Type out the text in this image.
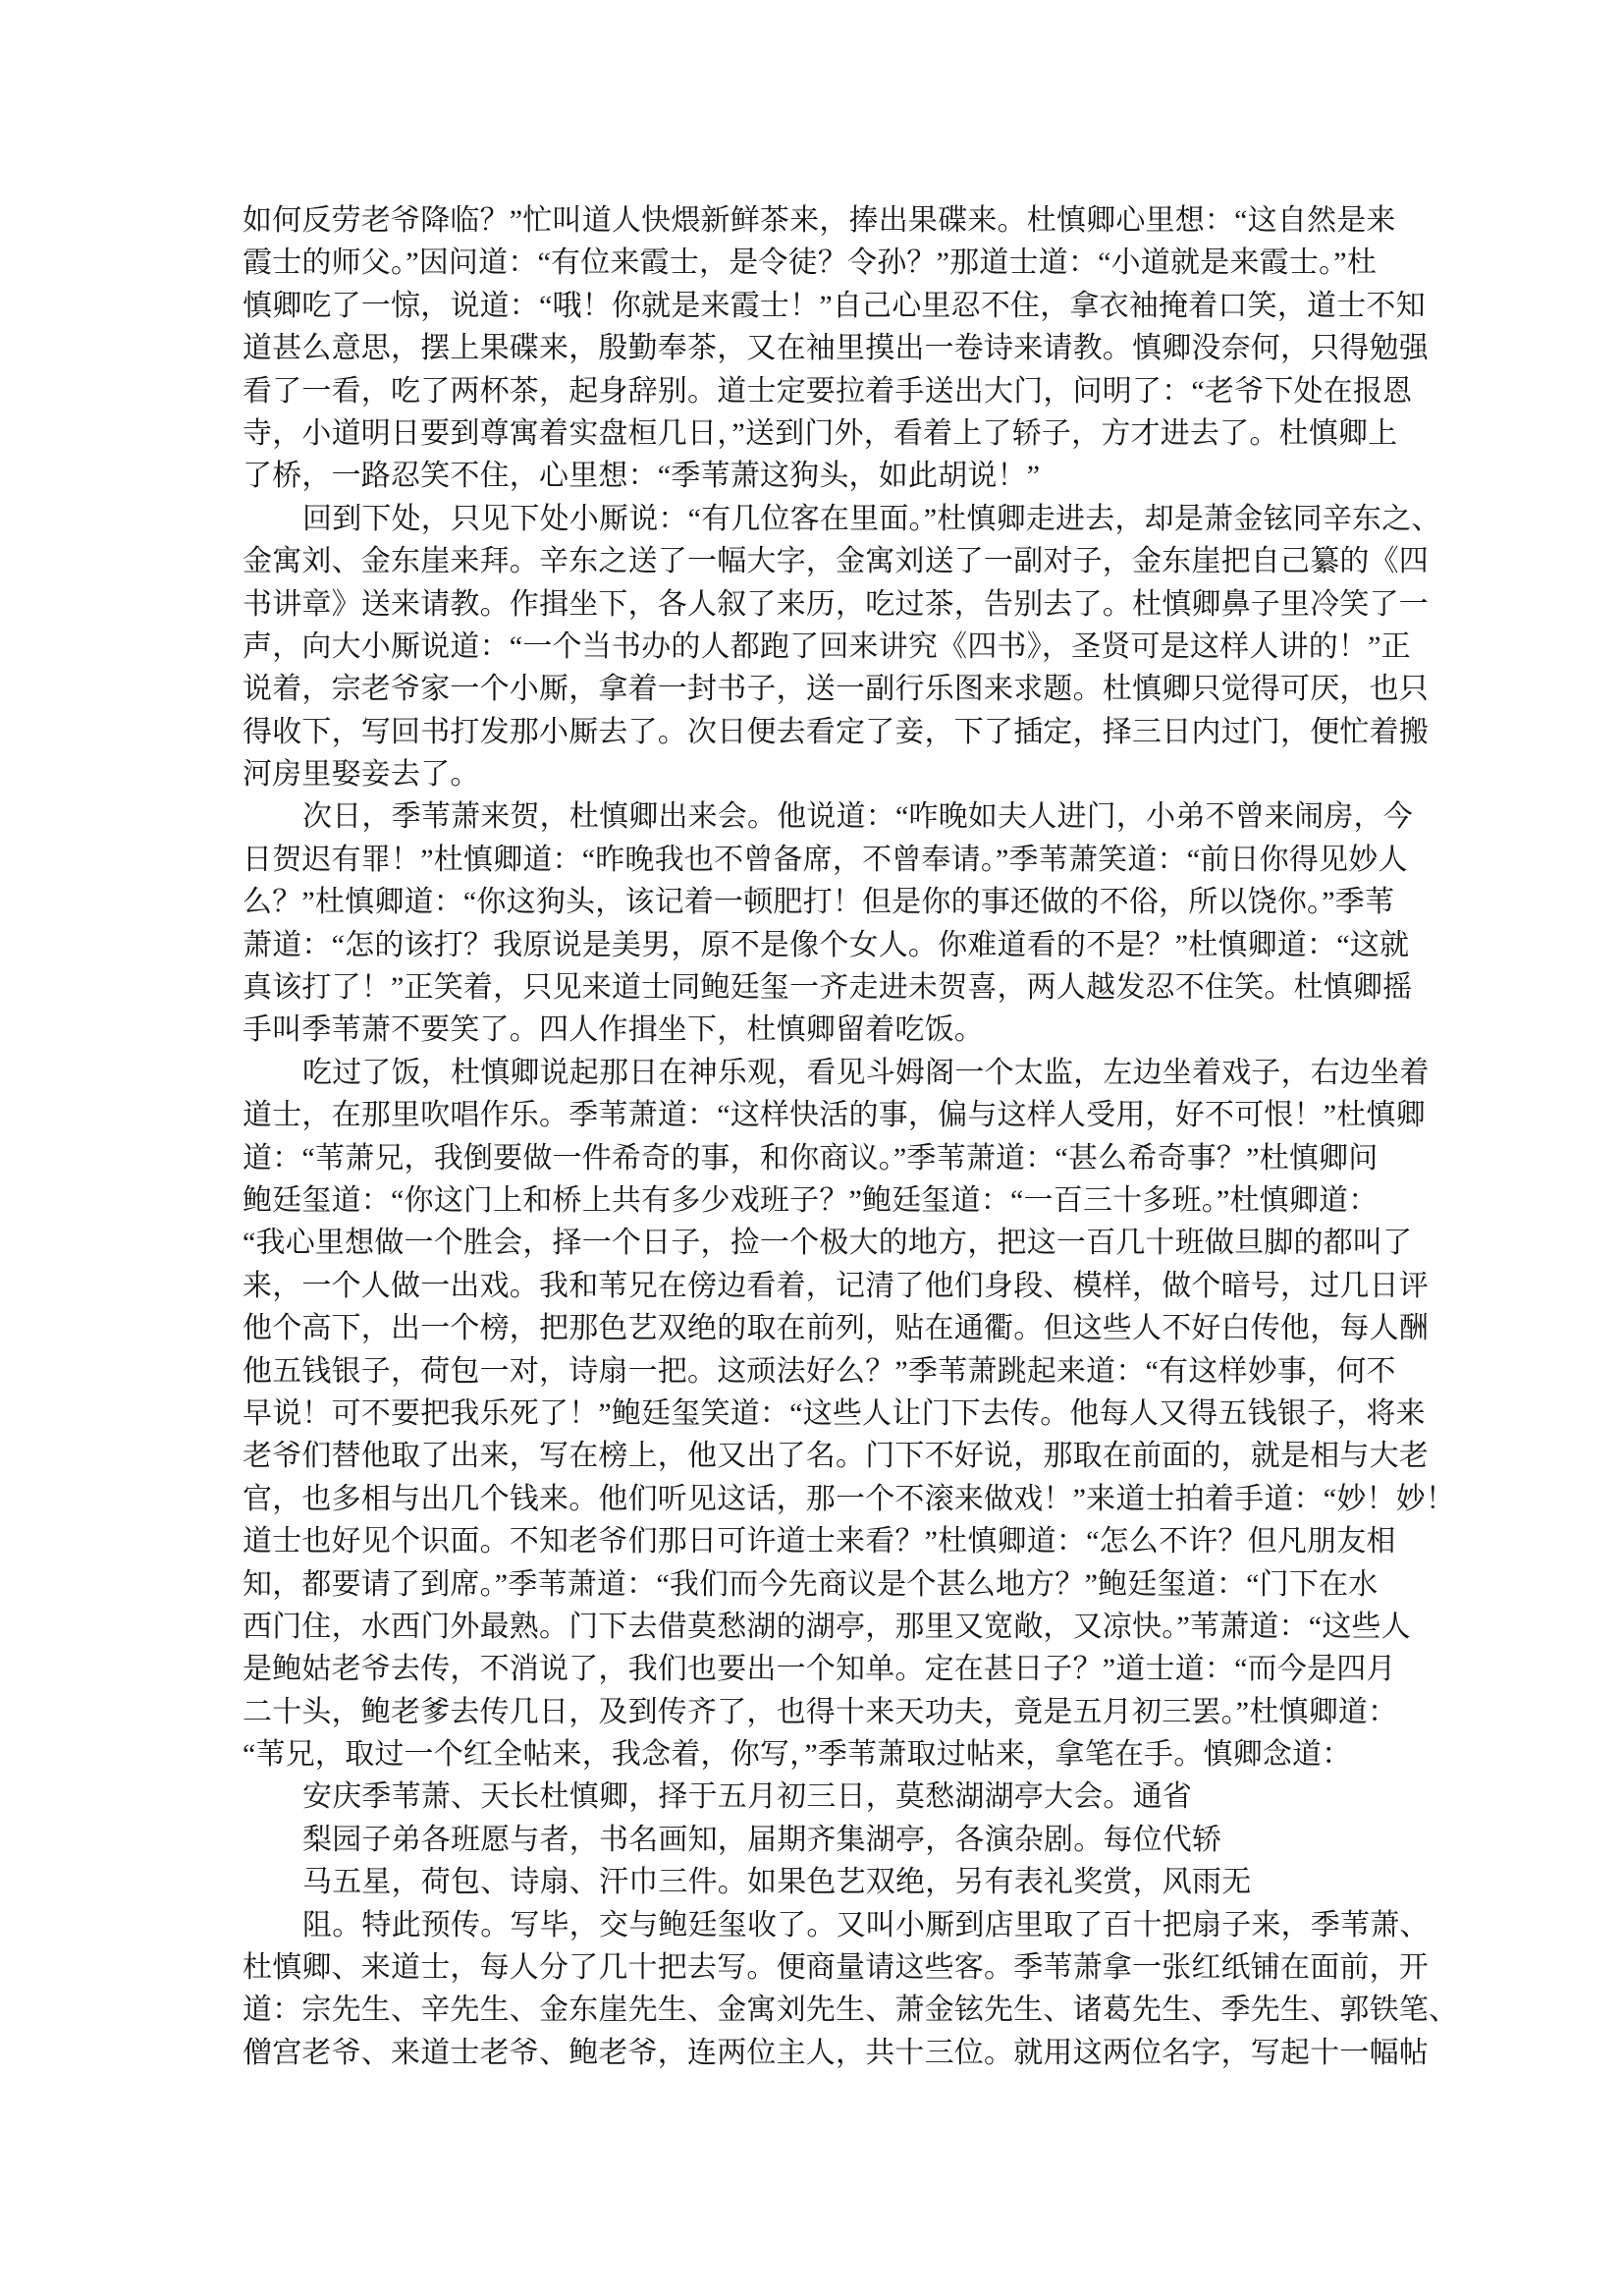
如何反劳老爷降临？”忙叫道人快煨新鲜茶来，捧出果碟来。杜慎卿心里想：“这自然是来
霞士的师父。”因问道：“有位来霞士，是令徒？令孙？”那道士道：“小道就是来霞士。”杜
慎卿吃了一惊，说道：“哦！你就是来霞士！”自己心里忍不住，拿衣袖掩着口笑，道士不知
道甚么意思，摆上果碟来，殷勤奉茶，又在袖里摸出一卷诗来请教。慎卿没奈何，只得勉强
看了一看，吃了两杯茶，起身辞别。道士定要拉着手送出大门，问明了：“老爷下处在报恩
寺，小道明日要到尊寓着实盘桓几日，”送到门外，看着上了轿子，方才进去了。杜慎卿上
了桥，一路忍笑不住，心里想：“季苇萧这狗头，如此胡说！”
回到下处，只见下处小厮说：“有几位客在里面。”杜慎卿走进去，却是萧金铉同辛东之、
金寓刘、金东崖来拜。辛东之送了一幅大字，金寓刘送了一副对子，金东崖把自己纂的《四
书讲章》送来请教。作揖坐下，各人叙了来历，吃过茶，告别去了。杜慎卿鼻子里冷笑了一
声，向大小厮说道：“一个当书办的人都跑了回来讲究《四书》，圣贤可是这样人讲的！”正
说着，宗老爷家一个小厮，拿着一封书子，送一副行乐图来求题。杜慎卿只觉得可厌，也只
得收下，写回书打发那小厮去了。次日便去看定了妾，下了插定，择三日内过门，便忙着搬
河房里娶妾去了。
次日，季苇萧来贺，杜慎卿出来会。他说道：“咋晚如夫人进门，小弟不曾来闹房，今
日贺迟有罪！”杜慎卿道：“昨晚我也不曾备席，不曾奉请。”季苇萧笑道：“前日你得见妙人
么？”杜慎卿道：“你这狗头，该记着一顿肥打！但是你的事还做的不俗，所以饶你。”季苇
萧道：“怎的该打？我原说是美男，原不是像个女人。你难道看的不是？”杜慎卿道：“这就
真该打了！”正笑着，只见来道士同鲍廷玺一齐走进未贺喜，两人越发忍不住笑。杜慎卿摇
手叫季苇萧不要笑了。四人作揖坐下，杜慎卿留着吃饭。
吃过了饭，杜慎卿说起那日在神乐观，看见斗姆阁一个太监，左边坐着戏子，右边坐着
道士，在那里吹唱作乐。季苇萧道：“这样快活的事，偏与这样人受用，好不可恨！”杜慎卿
道：“苇萧兄，我倒要做一件希奇的事，和你商议。”季苇萧道：“甚么希奇事？”杜慎卿问
鲍廷玺道：“你这门上和桥上共有多少戏班子？”鲍廷玺道：“一百三十多班。”杜慎卿道：
“我心里想做一个胜会，择一个日子，捡一个极大的地方，把这一百几十班做旦脚的都叫了
来，一个人做一出戏。我和苇兄在傍边看着，记清了他们身段、模样，做个暗号，过几日评
他个高下，出一个榜，把那色艺双绝的取在前列，贴在通衢。但这些人不好白传他，每人酬
他五钱银子，荷包一对，诗扇一把。这顽法好么？”季苇萧跳起来道：“有这样妙事，何不
早说！可不要把我乐死了！”鲍廷玺笑道：“这些人让门下去传。他每人又得五钱银子，将来
老爷们替他取了出来，写在榜上，他又出了名。门下不好说，那取在前面的，就是相与大老
官，也多相与出几个钱来。他们听见这话，那一个不滚来做戏！”来道士拍着手道：“妙！妙！
道士也好见个识面。不知老爷们那日可许道士来看？”杜慎卿道：“怎么不许？但凡朋友相
知，都要请了到席。”季苇萧道：“我们而今先商议是个甚么地方？”鲍廷玺道：“门下在水
西门住，水西门外最熟。门下去借莫愁湖的湖亭，那里又宽敞，又凉快。”苇萧道：“这些人
是鲍姑老爷去传，不消说了，我们也要出一个知单。定在甚日子？”道士道：“而今是四月
二十头，鲍老爹去传几日，及到传齐了，也得十来天功夫，竟是五月初三罢。”杜慎卿道：
“苇兄，取过一个红全帖来，我念着，你写，”季苇萧取过帖来，拿笔在手。慎卿念道：
安庆季苇萧、天长杜慎卿，择于五月初三日，莫愁湖湖亭大会。通省
梨园子弟各班愿与者，书名画知，届期齐集湖亭，各演杂剧。每位代轿
马五星，荷包、诗扇、汗巾三件。如果色艺双绝，另有表礼奖赏，风雨无
阻。特此预传。写毕，交与鲍廷玺收了。又叫小厮到店里取了百十把扇子来，季苇萧、
杜慎卿、来道士，每人分了几十把去写。便商量请这些客。季苇萧拿一张红纸铺在面前，开
道：宗先生、辛先生、金东崖先生、金寓刘先生、萧金铉先生、诸葛先生、季先生、郭铁笔、
僧宫老爷、来道士老爷、鲍老爷，连两位主人，共十三位。就用这两位名字，写起十一幅帖
